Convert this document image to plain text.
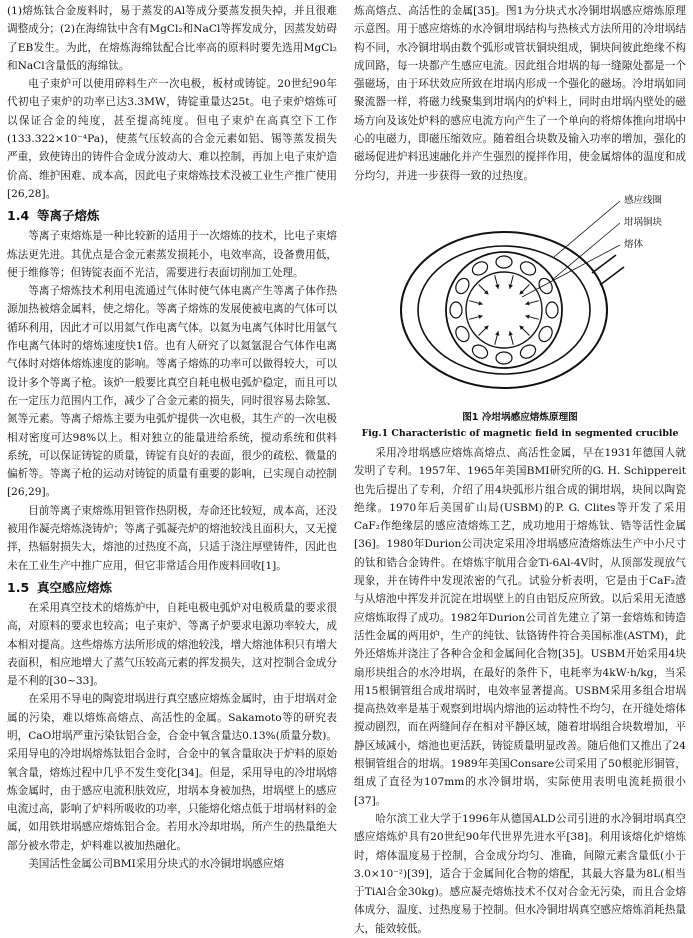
(1)熔炼钛合金废料时，易于蒸发的Al等成分要蒸发损失掉，并且很难调整成分；(2)在海绵钛中含有MgCl₂和NaCl等挥发成分，因蒸发妨碍了EB发生。为此，在熔炼海绵钛配合比率高的原料时要先选用MgCl₂和NaCl含量低的海绵钛。

电子束炉可以使用碎料生产一次电极，板材或铸锭。20世纪90年代初电子束炉的功率已达3.3MW，铸锭重量达25t。电子束炉熔炼可以保证合金的纯度，甚至提高纯度。但电子束炉在高真空下工作(133.322×10⁻⁴Pa)，使蒸气压较高的合金元素如铝、锡等蒸发损失严重，致使铸出的铸件合金成分波动大、难以控制，再加上电子束炉造价高、维护困难、成本高，因此电子束熔炼技术没被工业生产推广使用[26,28]。

1.4 等离子熔炼

等离子束熔炼是一种比较新的适用于一次熔炼的技术，比电子束熔炼法更先进。其优点是合金元素蒸发损耗小，电效率高，设备费用低，便于维修等；但铸锭表面不光洁，需要进行表面切削加工处理。

等离子熔炼技术利用电流通过气体时使气体电离产生等离子体作热源加热被熔金属料，使之熔化。等离子熔炼的发展使被电离的气体可以循环利用，因此才可以用氦气作电离气体。以氦为电离气体时比用氩气作电离气体时的熔炼速度快1倍。也有人研究了以氦氩混合气体作电离气体时对熔体熔炼速度的影响。等离子熔炼的功率可以做得较大，可以设计多个等离子枪。该炉一般要比真空自耗电极电弧炉稳定，而且可以在一定压力范围内工作，减少了合金元素的损失，同时很容易去除氢、氮等元素。等离子熔炼主要为电弧炉提供一次电极，其生产的一次电极相对密度可达98%以上。相对独立的能量进给系统，搅动系统和供料系统，可以保证铸锭的质量，铸锭有良好的表面，很少的疏松、微量的偏析等。等离子枪的运动对铸锭的质量有重要的影响，已实现自动控制[26,29]。

目前等离子束熔炼用钽管作热阴极，寿命还比较短，成本高，还没被用作凝壳熔炼浇铸炉；等离子弧凝壳炉的熔池较浅且面积大，又无搅拌，热辐射损失大，熔池的过热度不高，只适于浇注厚壁铸件，因此也未在工业生产中推广应用，但它非常适合用作废料回收[1]。

1.5 真空感应熔炼

在采用真空技术的熔炼炉中，自耗电极电弧炉对电极质量的要求很高，对原料的要求也较高；电子束炉、等离子炉要求电源功率较大，成本相对提高。这些熔炼方法所形成的熔池较浅，增大熔池体积只有增大表面积，相应地增大了蒸气压较高元素的挥发损失，这对控制合金成分是不利的[30~33]。

在采用不导电的陶瓷坩埚进行真空感应熔炼金属时，由于坩埚对金属的污染，难以熔炼高熔点、高活性的金属。Sakamoto等的研究表明，CaO坩埚严重污染钛铝合金，合金中氧含量达0.13%(质量分数)。采用导电的冷坩埚熔炼钛铝合金时，合金中的氧含量取决于炉料的原始氧含量，熔炼过程中几乎不发生变化[34]。但是，采用导电的冷坩埚熔炼金属时，由于感应电流积肤效应，坩埚本身被加热，坩埚壁上的感应电流过高，影响了炉料所吸收的功率，只能熔化熔点低于坩埚材料的金属，如用铁坩埚感应熔炼铝合金。若用水冷却坩埚，所产生的热量绝大部分被水带走，炉料难以被加热融化。

美国活性金属公司BMI采用分块式的水冷铜坩埚感应熔

炼高熔点、高活性的金属[35]。图1为分块式水冷铜坩埚感应熔炼原理示意图。用于感应熔炼的水冷铜坩埚结构与热核式方法所用的冷坩埚结构不同，水冷铜坩埚由数个弧形或管状铜块组成，铜块间彼此绝缘不构成回路，每一块都产生感应电流。因此组合坩埚的每一缝隙处都是一个强磁场，由于环状效应所致在坩埚内形成一个强化的磁场。冷坩埚如同聚流器一样，将磁力线聚集到坩埚内的炉料上，同时由坩埚内壁处的磁场方向及该处炉料的感应电流方向产生了一个单向的将熔体推向坩埚中心的电磁力，即磁压缩效应。随着组合块数及输入功率的增加，强化的磁场促进炉料迅速融化并产生强烈的搅拌作用，使金属熔体的温度和成分均匀，并进一步获得一致的过热度。

感应线圈
坩埚铜块
熔体
图1 冷坩埚感应熔炼原理图
Fig.1 Characteristic of magnetic field in segmented crucible

采用冷坩埚感应熔炼高熔点、高活性金属，早在1931年德国人就发明了专利。1957年、1965年美国BMI研究所的G. H. Schippereit也先后提出了专利，介绍了用4块弧形片组合成的铜坩埚，块间以陶瓷绝缘。1970年后美国矿山局(USBM)的P. G. Clites等开发了采用CaF₂作绝缘层的感应渣熔炼工艺，成功地用于熔炼钛、锆等活性金属[36]。1980年Durion公司决定采用冷坩埚感应渣熔炼法生产中小尺寸的钛和锆合金铸件。在熔炼宇航用合金Ti-6Al-4V时，从顶部发现放气现象，并在铸件中发现浓密的气孔。试验分析表明，它是由于CaF₂渣与从熔池中挥发并沉淀在坩埚壁上的自由铝反应所致。以后采用无渣感应熔炼取得了成功。1982年Durion公司首先建立了第一套熔炼和铸造活性金属的两用炉，生产的纯钛、钛铬铸件符合美国标准(ASTM)，此外还熔炼并浇注了各种合金和金属间化合物[35]。USBM开始采用4块扇形块组合的水冷坩埚，在最好的条件下，电耗率为4kW·h/kg，当采用15根铜管组合成坩埚时，电效率显著提高。USBM采用多组合坩埚提高热效率是基于观察到坩埚内熔池的运动特性不均匀，在开缝处熔体搅动剧烈，而在两缝间存在相对平静区域，随着坩埚组合块数增加，平静区域减小，熔池也更活跃，铸锭质量明显改善。随后他们又推出了24根铜管组合的坩埚。1989年美国Consare公司采用了50根驼形铜管，组成了直径为107mm的水冷铜坩埚，实际使用表明电流耗损很小[37]。

哈尔滨工业大学于1996年从德国ALD公司引进的水冷铜坩埚真空感应熔炼炉具有20世纪90年代世界先进水平[38]。利用该熔化炉熔炼时，熔体温度易于控制，合金成分均匀、准确，间隙元素含量低(小于3.0×10⁻²)[39]，适合于金属间化合物的熔配，其最大容量为8L(相当于TiAl合金30kg)。感应凝壳熔炼技术不仅对合金无污染，而且合金熔体成分、温度、过热度易于控制。但水冷铜坩埚真空感应熔炼消耗热量大，能效较低。
